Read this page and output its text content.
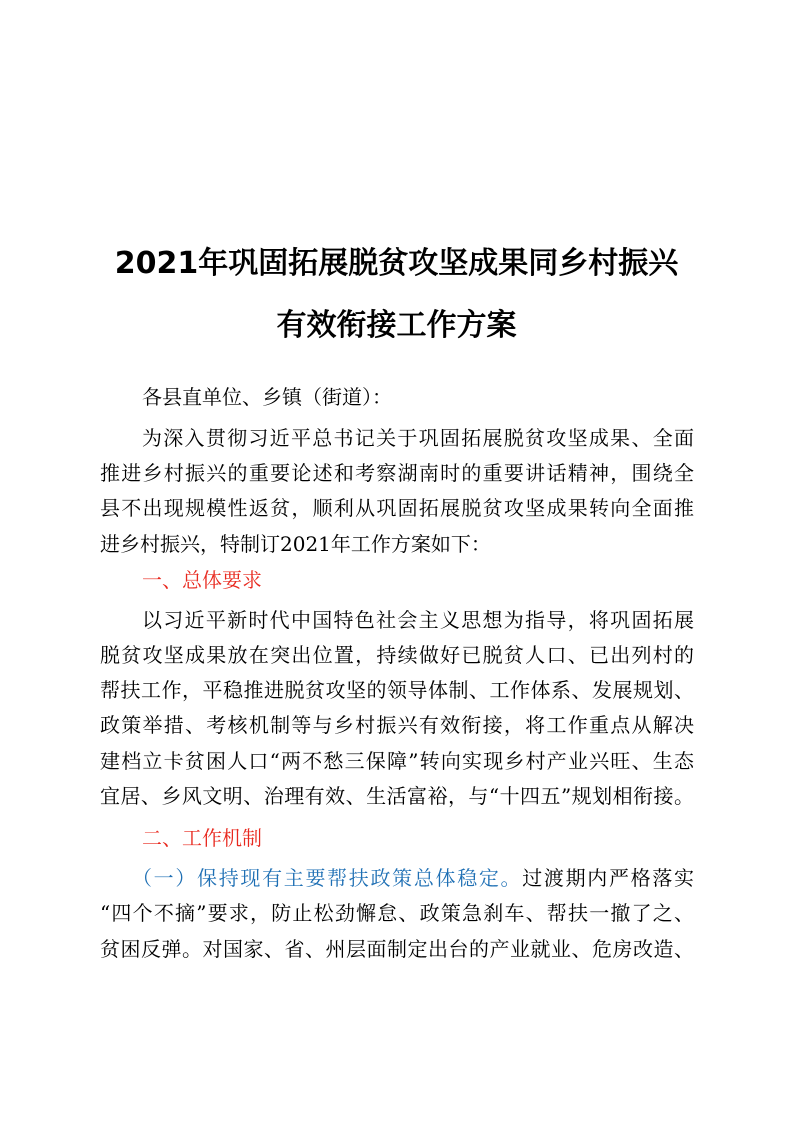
2021年巩固拓展脱贫攻坚成果同乡村振兴
有效衔接工作方案

各县直单位、乡镇（街道）：

为深入贯彻习近平总书记关于巩固拓展脱贫攻坚成果、全面

推进乡村振兴的重要论述和考察湖南时的重要讲话精神，围绕全

县不出现规模性返贫，顺利从巩固拓展脱贫攻坚成果转向全面推

进乡村振兴，特制订2021年工作方案如下：

一、总体要求

以习近平新时代中国特色社会主义思想为指导，将巩固拓展

脱贫攻坚成果放在突出位置，持续做好已脱贫人口、已出列村的

帮扶工作，平稳推进脱贫攻坚的领导体制、工作体系、发展规划、

政策举措、考核机制等与乡村振兴有效衔接，将工作重点从解决

建档立卡贫困人口“两不愁三保障”转向实现乡村产业兴旺、生态

宜居、乡风文明、治理有效、生活富裕，与“十四五”规划相衔接。

二、工作机制

（一）保持现有主要帮扶政策总体稳定。过渡期内严格落实

“四个不摘”要求，防止松劲懈怠、政策急刹车、帮扶一撤了之、

贫困反弹。对国家、省、州层面制定出台的产业就业、危房改造、
